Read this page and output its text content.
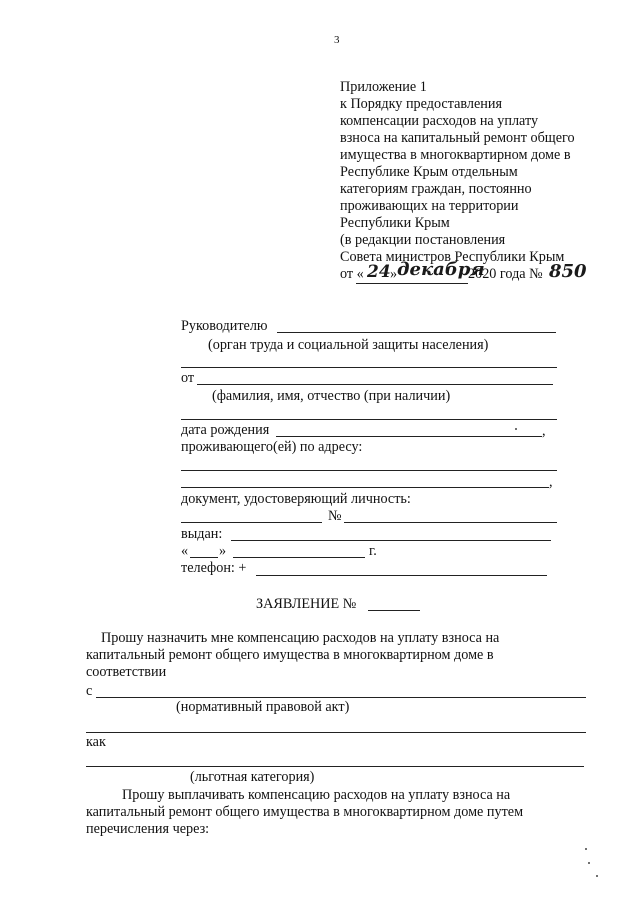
3
Приложение 1
к Порядку предоставления
компенсации расходов на уплату
взноса на капитальный ремонт общего
имущества в многоквартирном доме в
Республике Крым отдельным
категориям граждан, постоянно
проживающих на территории
Республики Крым
(в редакции постановления
Совета министров Республики Крым
от « 24 » декабря
2020 года № 850
Руководителю
(орган труда и социальной защиты населения)
от
(фамилия, имя, отчество (при наличии)
дата рождения	,
проживающего(ей) по адресу:
,
документ, удостоверяющий личность:
№
выдан:
« »	г.
телефон: +
ЗАЯВЛЕНИЕ №
Прошу назначить мне компенсацию расходов на уплату взноса на
капитальный ремонт общего имущества в многоквартирном доме в
соответствии
с
(нормативный правовой акт)
как
(льготная категория)
Прошу выплачивать компенсацию расходов на уплату взноса на
капитальный ремонт общего имущества в многоквартирном доме путем
перечисления через:
